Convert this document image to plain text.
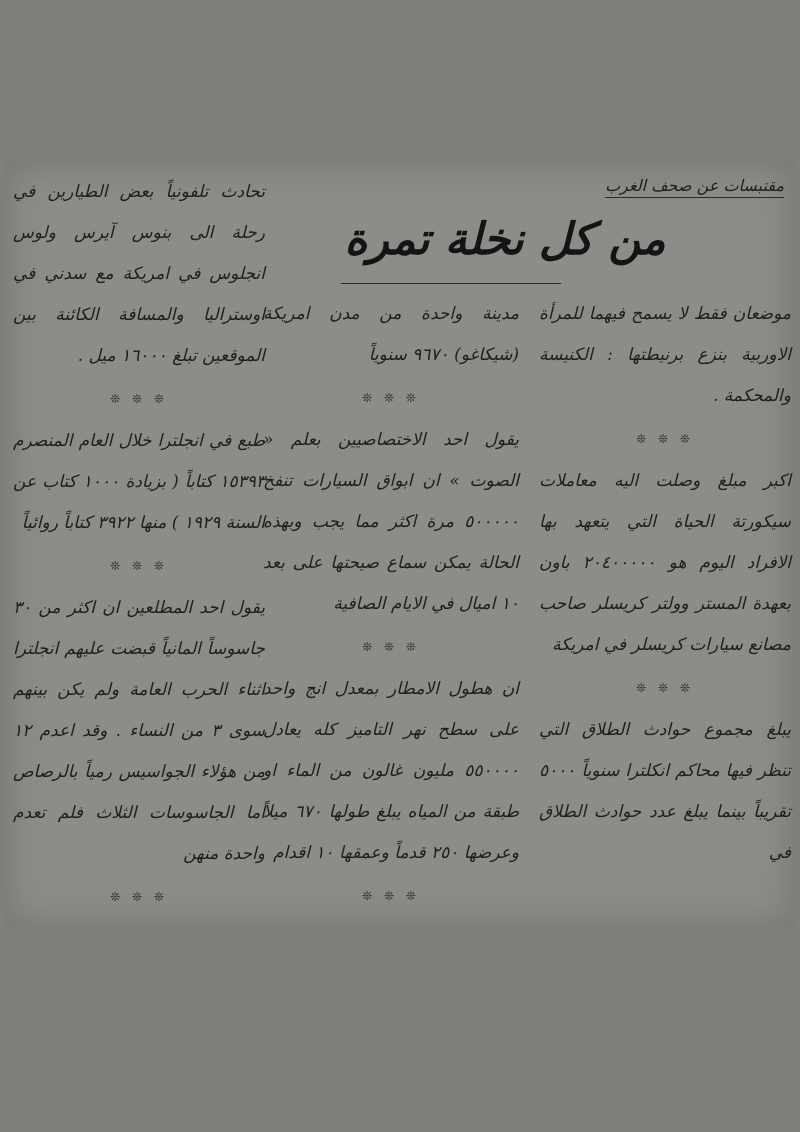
مقتبسات عن صحف الغرب
من كل نخلة تمرة

موضعان فقط لا يسمح فيهما للمرأة الاوربية بنزع برنيطتها : الكنيسة والمحكمة .

❊ ❊ ❊

اكبر مبلغ وصلت اليه معاملات سيكورتة الحياة التي يتعهد بها الافراد اليوم هو ٢٠٤٠٠٠٠٠ باون بعهدة المستر وولتر كريسلر صاحب مصانع سيارات كريسلر في امريكة

❊ ❊ ❊

يبلغ مجموع حوادث الطلاق التي تنظر فيها محاكم انكلترا سنوياً ٥٠٠٠ تقريباً بينما يبلغ عدد حوادث الطلاق في

مدينة واحدة من مدن امريكة (شيكاغو) ٩٦٧٠ سنوياً

❊ ❊ ❊

يقول احد الاختصاصيين بعلم « الصوت » ان ابواق السيارات تنفخ ٥٠٠٠٠٠ مرة اكثر مما يجب وبهذه الحالة يمكن سماع صيحتها على بعد ١٠ اميال في الايام الصافية

❊ ❊ ❊

ان هطول الامطار بمعدل انج واحد على سطح نهر التاميز كله يعادل ٥٥٠٠٠٠ مليون غالون من الماء او طبقة من المياه يبلغ طولها ٦٧٠ ميلاً وعرضها ٢٥٠ قدماً وعمقها ١٠ اقدام

❊ ❊ ❊

تحادث تلفونياً بعض الطيارين في رحلة الى بنوس آيرس ولوس انجلوس في امريكة مع سدني في اوستراليا والمسافة الكائنة بين الموقعين تبلغ ١٦٠٠٠ ميل .

❊ ❊ ❊

طبع في انجلترا خلال العام المنصرم ١٥٣٩٣ كتاباً ( بزيادة ١٠٠٠ كتاب عن السنة ١٩٢٩ ) منها ٣٩٢٢ كتاباً روائياً

❊ ❊ ❊

يقول احد المطلعين ان اكثر من ٣٠ جاسوساً المانياً قبضت عليهم انجلترا اثناء الحرب العامة ولم يكن بينهم سوى ٣ من النساء . وقد اعدم ١٢ من هؤلاء الجواسيس رمياً بالرصاص اما الجاسوسات الثلاث فلم تعدم واحدة منهن

❊ ❊ ❊
